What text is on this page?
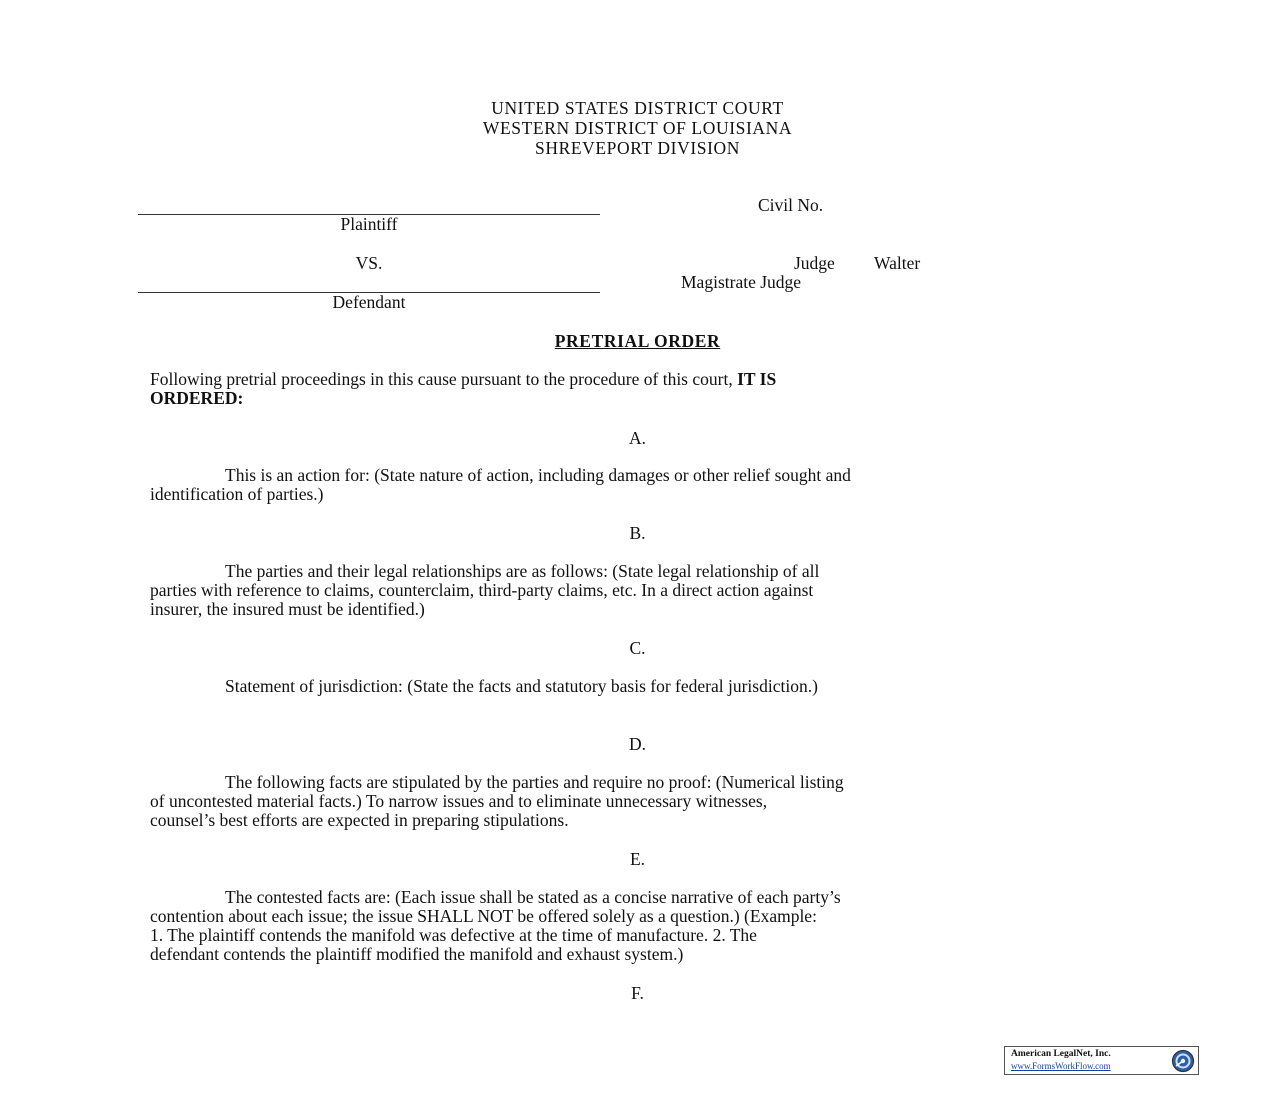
UNITED STATES DISTRICT COURT
WESTERN DISTRICT OF LOUISIANA
SHREVEPORT DIVISION
Civil No.
Plaintiff
VS.	Judge Walter
Magistrate Judge
Defendant
PRETRIAL ORDER
Following pretrial proceedings in this cause pursuant to the procedure of this court, IT IS
ORDERED:
A.
This is an action for: (State nature of action, including damages or other relief sought and
identification of parties.)
B.
The parties and their legal relationships are as follows: (State legal relationship of all
parties with reference to claims, counterclaim, third-party claims, etc. In a direct action against
insurer, the insured must be identified.)
C.
Statement of jurisdiction: (State the facts and statutory basis for federal jurisdiction.)
D.
The following facts are stipulated by the parties and require no proof: (Numerical listing
of uncontested material facts.) To narrow issues and to eliminate unnecessary witnesses,
counsel’s best efforts are expected in preparing stipulations.
E.
The contested facts are: (Each issue shall be stated as a concise narrative of each party’s
contention about each issue; the issue SHALL NOT be offered solely as a question.) (Example:
1. The plaintiff contends the manifold was defective at the time of manufacture. 2. The
defendant contends the plaintiff modified the manifold and exhaust system.)
F.
American LegalNet, Inc.
www.FormsWorkFlow.com
